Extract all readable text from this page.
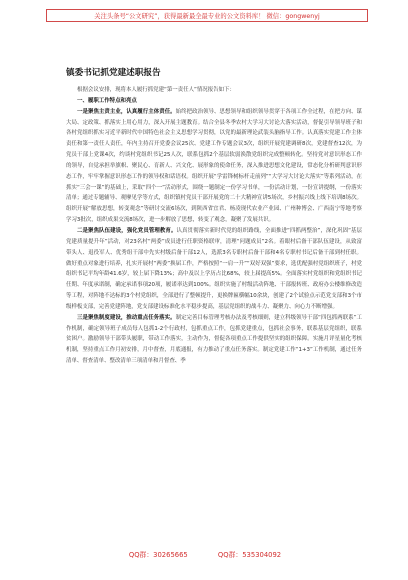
关注头条号“公文研究”，获得最新最全最专业的公文资料库！ 微信：gongwenyj
镇委书记抓党建述职报告

根据会议安排，现将本人履行抓党建“第一责任人”情况报告如下：

一、履职工作特点和亮点

一是聚焦主责主业，认真履行主体责任。始终把政治领导、思想领导和组织领导贯穿于各项工作全过程，在把方向、谋大局、定政策、抓落实上用心用力，深入开展主题教育。结合全县冬季农村大学习大讨论大落实活动，督促引导领导班子和各村党组织抓实习近平新时代中国特色社会主义思想学习贯彻，以党的最新理论武装头脑指导工作。认真落实党建工作主体责任和第一责任人责任，年内主持召开党委会议25次、党建工作专题会议3次，组织开展党建调研8次，党建督查12次，为党员干部上党课4次，约谈村党组织书记25人次，联系包抓2个基层软弱涣散党组织完成整顿转化。坚持党对意识形态工作的领导，自觉承担举旗帜、聚民心、育新人、兴文化、展形象的使命任务，深入推进思想文化建设，常态化分析研判意识形态工作，牢牢掌握意识形态工作的领导权和话语权。组织开展“学雷锋树标杆走前列”“大学习大讨论大落实”等系列活动，在抓实“三会一课”的基础上，采取“四个一”活动形式，围绕一题制定一份学习书单，一份活动计划，一份宣讲提纲，一份落实清单；通过专题辅导、观摩见学等方式，组织镇村党员干部开展党的二十大精神宣讲5场次，乡村振兴线上线下培训8场次。组织开展“解放思想，转变观念”等研讨交流6场次，到陕西省宜君、杨凌现代农业产业园、广州种博会、广西南宁等地考察学习3批次，组织成果交流8场次，进一步解放了思想，转变了观念，凝聚了发展共识。

二是聚焦队伍建设，强化党员管理教育。认真贯彻落实新时代党的组织路线，全面推进“四抓两整治”，深化巩固“基层党建质量提升年”活动，对23名村“两委”成员进行任职资格联审，清理“问题成员”2名。着眼村后备干部队伍建设，从致富带头人、退役军人、优秀组干部中先实村级后备干部12人，选派3名专职村后备干部和4名专职村书记后备干部到村任职。做好重点对象进行培养，扎实开展村“两委”换届工作，严格按照“一肩一升”“双好双强”要求，选优配强村党组织班子，村党组织书记平均年龄41.6岁，较上届下降13%；高中及以上学历占比68%，较上届提高5%。全面落实村党组织和党组织书记任期、年度承诺制，确定承诺事项20项，履诺率达到100%。组织实施了村级活动阵地、干部报转班、政府办公楼维修改造等工程，对阵地不达标的3个村党组织，全部进行了整顿提升，更换牌匾横幅10余块，创建了2个试验点示范党支部和3个市级样板支部，完善党建阵地，党支部建设标准化水平稳步提高，基层党组织的战斗力、凝聚力、向心力不断增强。

三是聚焦制度建设，推动重点任务落实。制定完善目标管理考核办法及考核细则，建立科级领导干部“四包抓两联系”工作机制，确定领导班子成员每人包抓1-2个行政村，包抓重点工作，包抓党建重点，包抓社会事务，联系基层党组织，联系贫困户。激励领导干部带头履职，带动工作落实，主动作为，督促各项重点工作提供坚实的组织保障。实施月评星量化考核机制，坚持重点工作月初安排，月中督查，月底通报，有力推动了重点任务落实。制定党建工作“1+3”工作机制，通过任务清单、督查清单、整改清单三项清单和月督查、季

QQ群：30265665	QQ群：535304092
